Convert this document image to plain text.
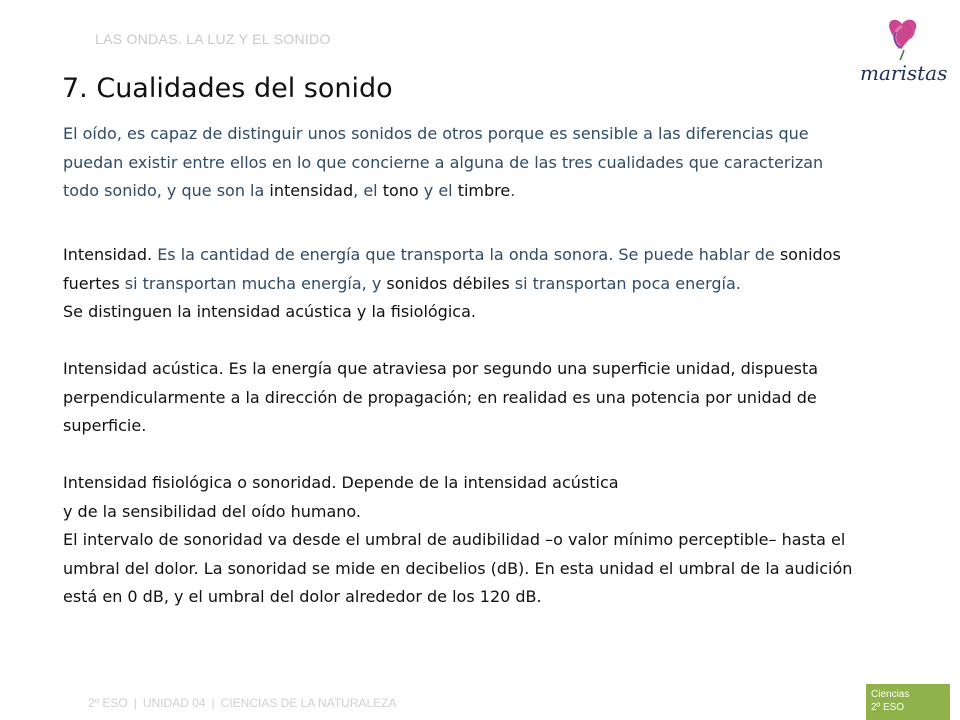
LAS ONDAS. LA LUZ Y EL SONIDO
maristas
7. Cualidades del sonido

El oído, es capaz de distinguir unos sonidos de otros porque es sensible a las diferencias que puedan existir entre ellos en lo que concierne a alguna de las tres cualidades que caracterizan todo sonido, y que son la intensidad, el tono y el timbre.

Intensidad. Es la cantidad de energía que transporta la onda sonora. Se puede hablar de sonidos fuertes si transportan mucha energía, y sonidos débiles si transportan poca energía.

Se distinguen la intensidad acústica y la fisiológica.

Intensidad acústica. Es la energía que atraviesa por segundo una superficie unidad, dispuesta perpendicularmente a la dirección de propagación; en realidad es una potencia por unidad de superficie.

Intensidad fisiológica o sonoridad. Depende de la intensidad acústica

y de la sensibilidad del oído humano.

El intervalo de sonoridad va desde el umbral de audibilidad –o valor mínimo perceptible– hasta el umbral del dolor. La sonoridad se mide en decibelios (dB). En esta unidad el umbral de la audición está en 0 dB, y el umbral del dolor alrededor de los 120 dB.

2º ESO | UNIDAD 04 | CIENCIAS DE LA NATURALEZA
Ciencias
2º ESO
